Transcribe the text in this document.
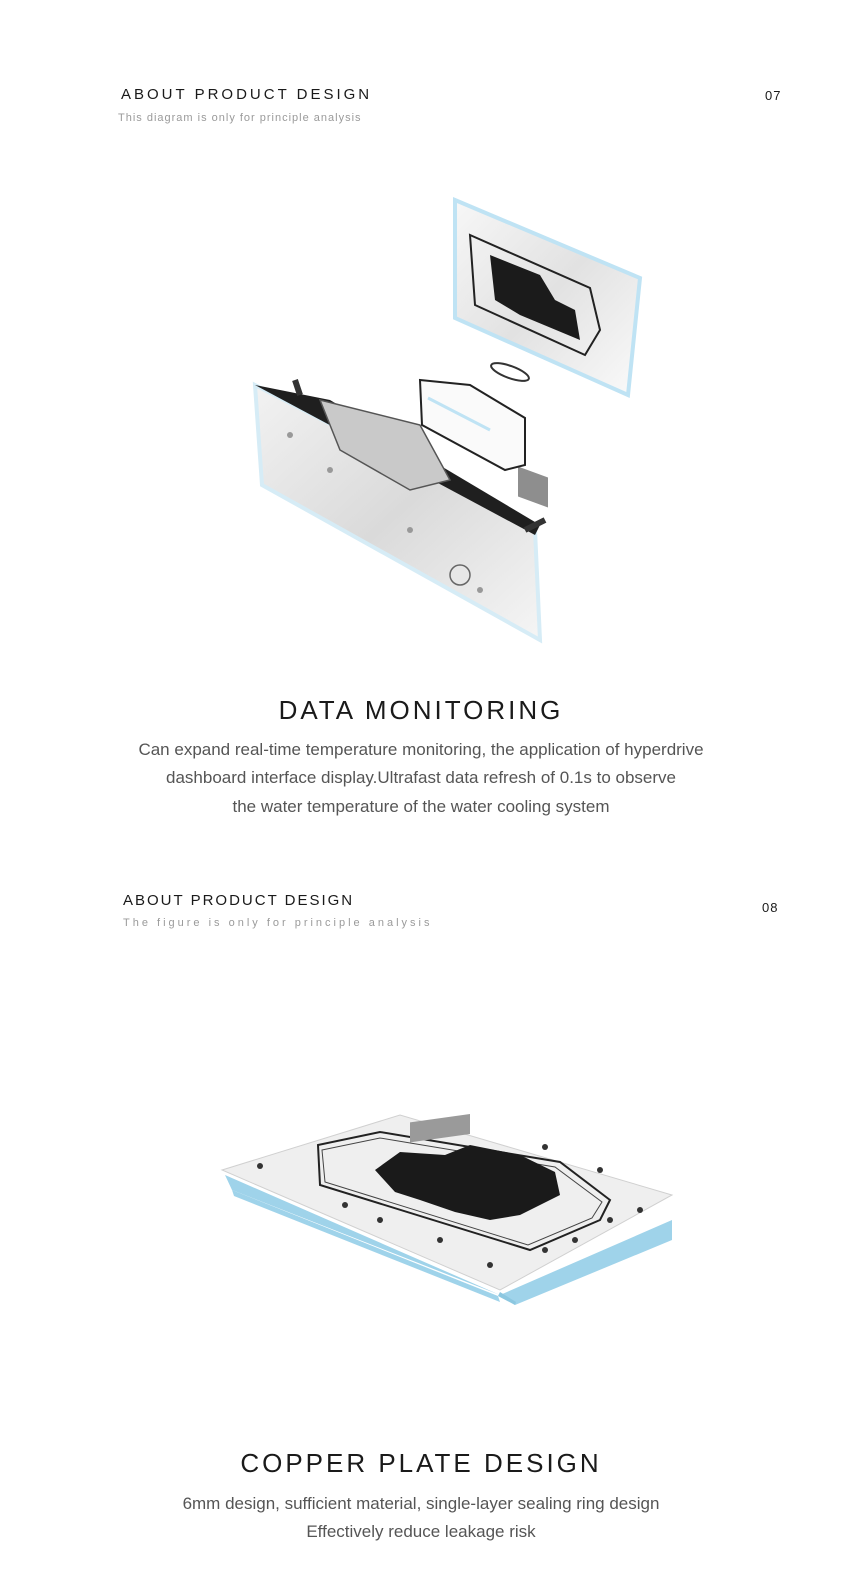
ABOUT PRODUCT DESIGN
This diagram is only for principle analysis
07
DATA MONITORING
Can expand real-time temperature monitoring, the application of hyperdrive
dashboard interface display.Ultrafast data refresh of 0.1s to observe
the water temperature of the water cooling system
ABOUT PRODUCT DESIGN
The figure is only for principle analysis
08
COPPER PLATE DESIGN
6mm design, sufficient material, single-layer sealing ring design
Effectively reduce leakage risk
